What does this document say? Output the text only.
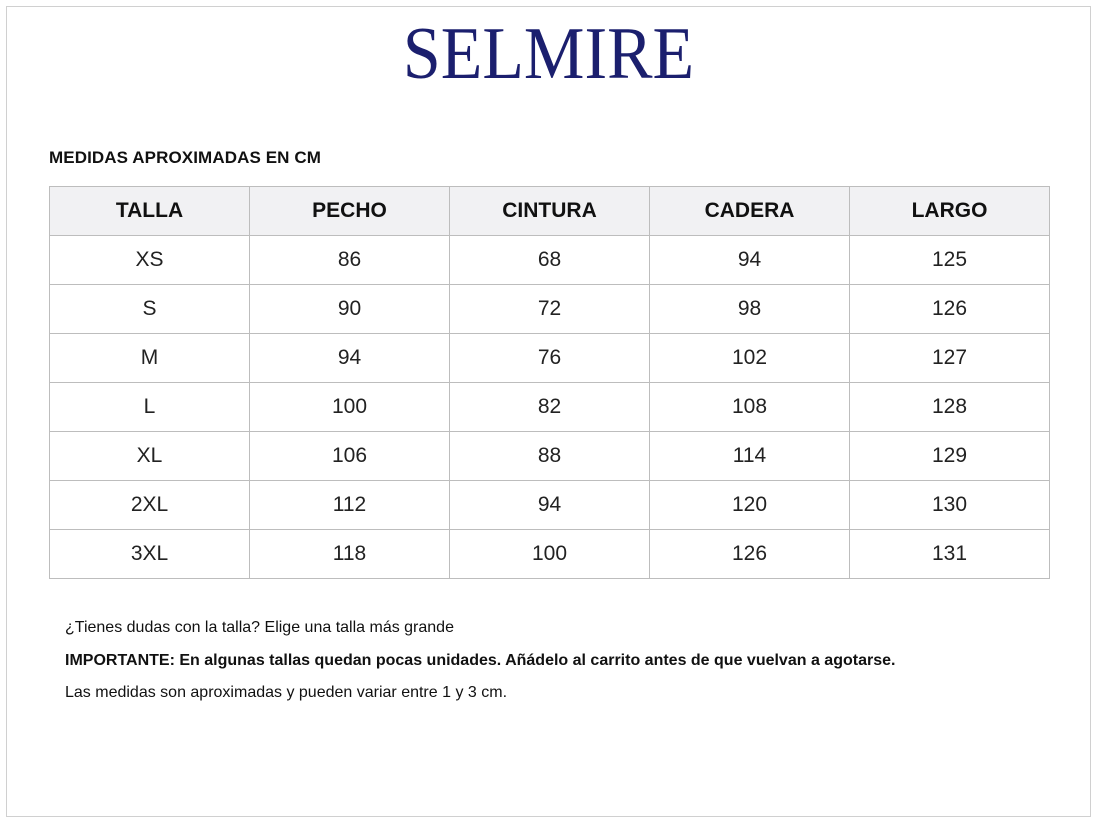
SELMIRE
MEDIDAS APROXIMADAS EN CM
TALLA	PECHO	CINTURA	CADERA	LARGO
XS	86	68	94	125
S	90	72	98	126
M	94	76	102	127
L	100	82	108	128
XL	106	88	114	129
2XL	112	94	120	130
3XL	118	100	126	131

¿Tienes dudas con la talla? Elige una talla más grande

IMPORTANTE: En algunas tallas quedan pocas unidades. Añádelo al carrito antes de que vuelvan a agotarse.

Las medidas son aproximadas y pueden variar entre 1 y 3 cm.
